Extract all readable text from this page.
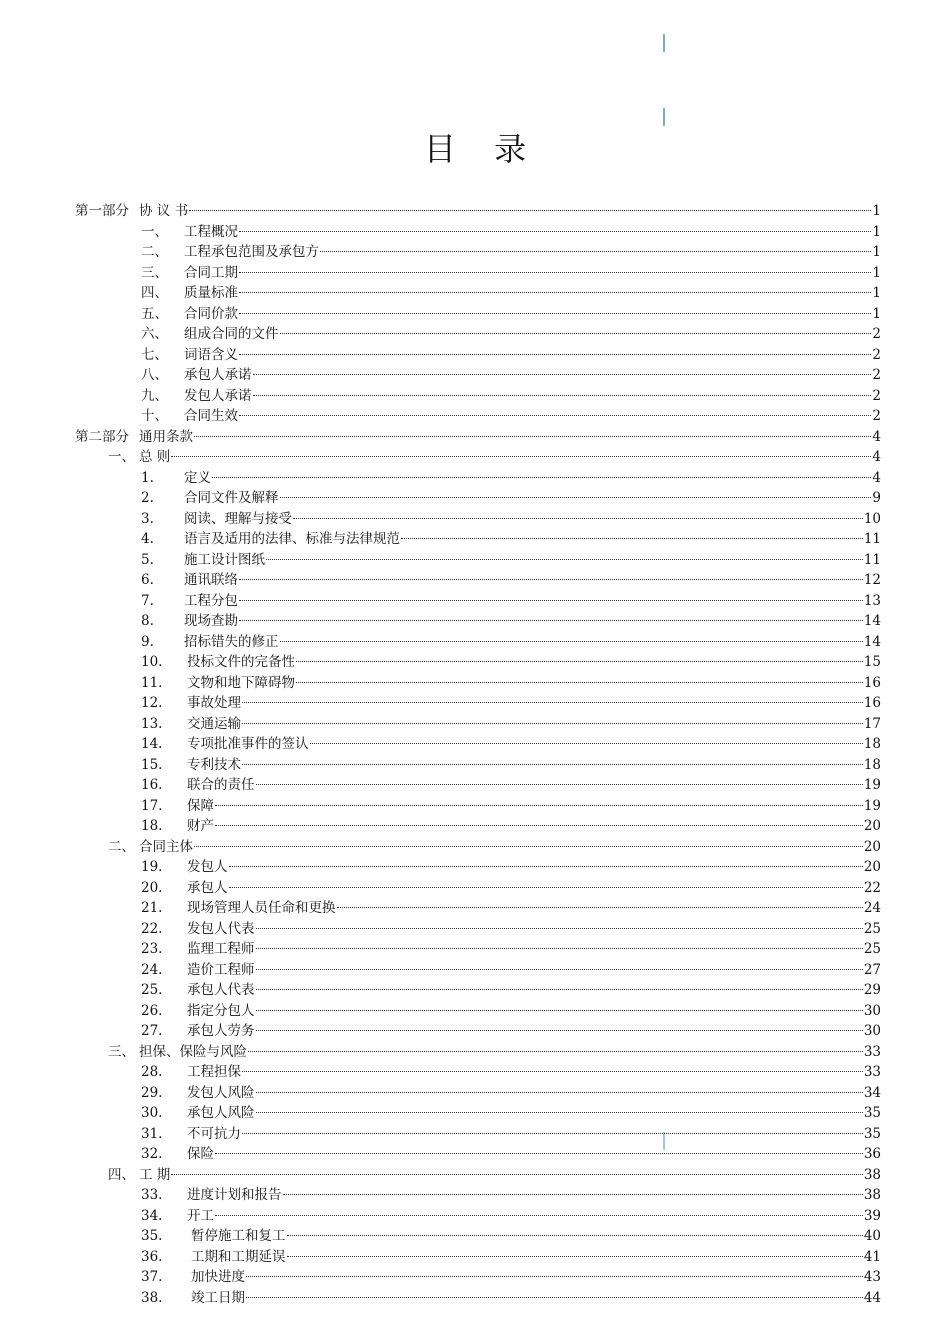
目 录
第一部分 协 议 书	1
一、	工程概况	1
二、	工程承包范围及承包方	1
三、	合同工期	1
四、	质量标准	1
五、	合同价款	1
六、	组成合同的文件	2
七、	词语含义	2
八、	承包人承诺	2
九、	发包人承诺	2
十、	合同生效	2
第二部分 通用条款	4
一、 总 则	4
1.	定义	4
2.	合同文件及解释	9
3.	阅读、理解与接受	10
4.	语言及适用的法律、标准与法律规范	11
5.	施工设计图纸	11
6.	通讯联络	12
7.	工程分包	13
8.	现场查勘	14
9.	招标错失的修正	14
10.	投标文件的完备性	15
11.	文物和地下障碍物	16
12.	事故处理	16
13.	交通运输	17
14.	专项批准事件的签认	18
15.	专利技术	18
16.	联合的责任	19
17.	保障	19
18.	财产	20
二、 合同主体	20
19.	发包人	20
20.	承包人	22
21.	现场管理人员任命和更换	24
22.	发包人代表	25
23.	监理工程师	25
24.	造价工程师	27
25.	承包人代表	29
26.	指定分包人	30
27.	承包人劳务	30
三、 担保、保险与风险	33
28.	工程担保	33
29.	发包人风险	34
30.	承包人风险	35
31.	不可抗力	35
32.	保险	36
四、 工 期	38
33.	进度计划和报告	38
34.	开工	39
35.	暂停施工和复工	40
36.	工期和工期延误	41
37.	加快进度	43
38.	竣工日期	44
